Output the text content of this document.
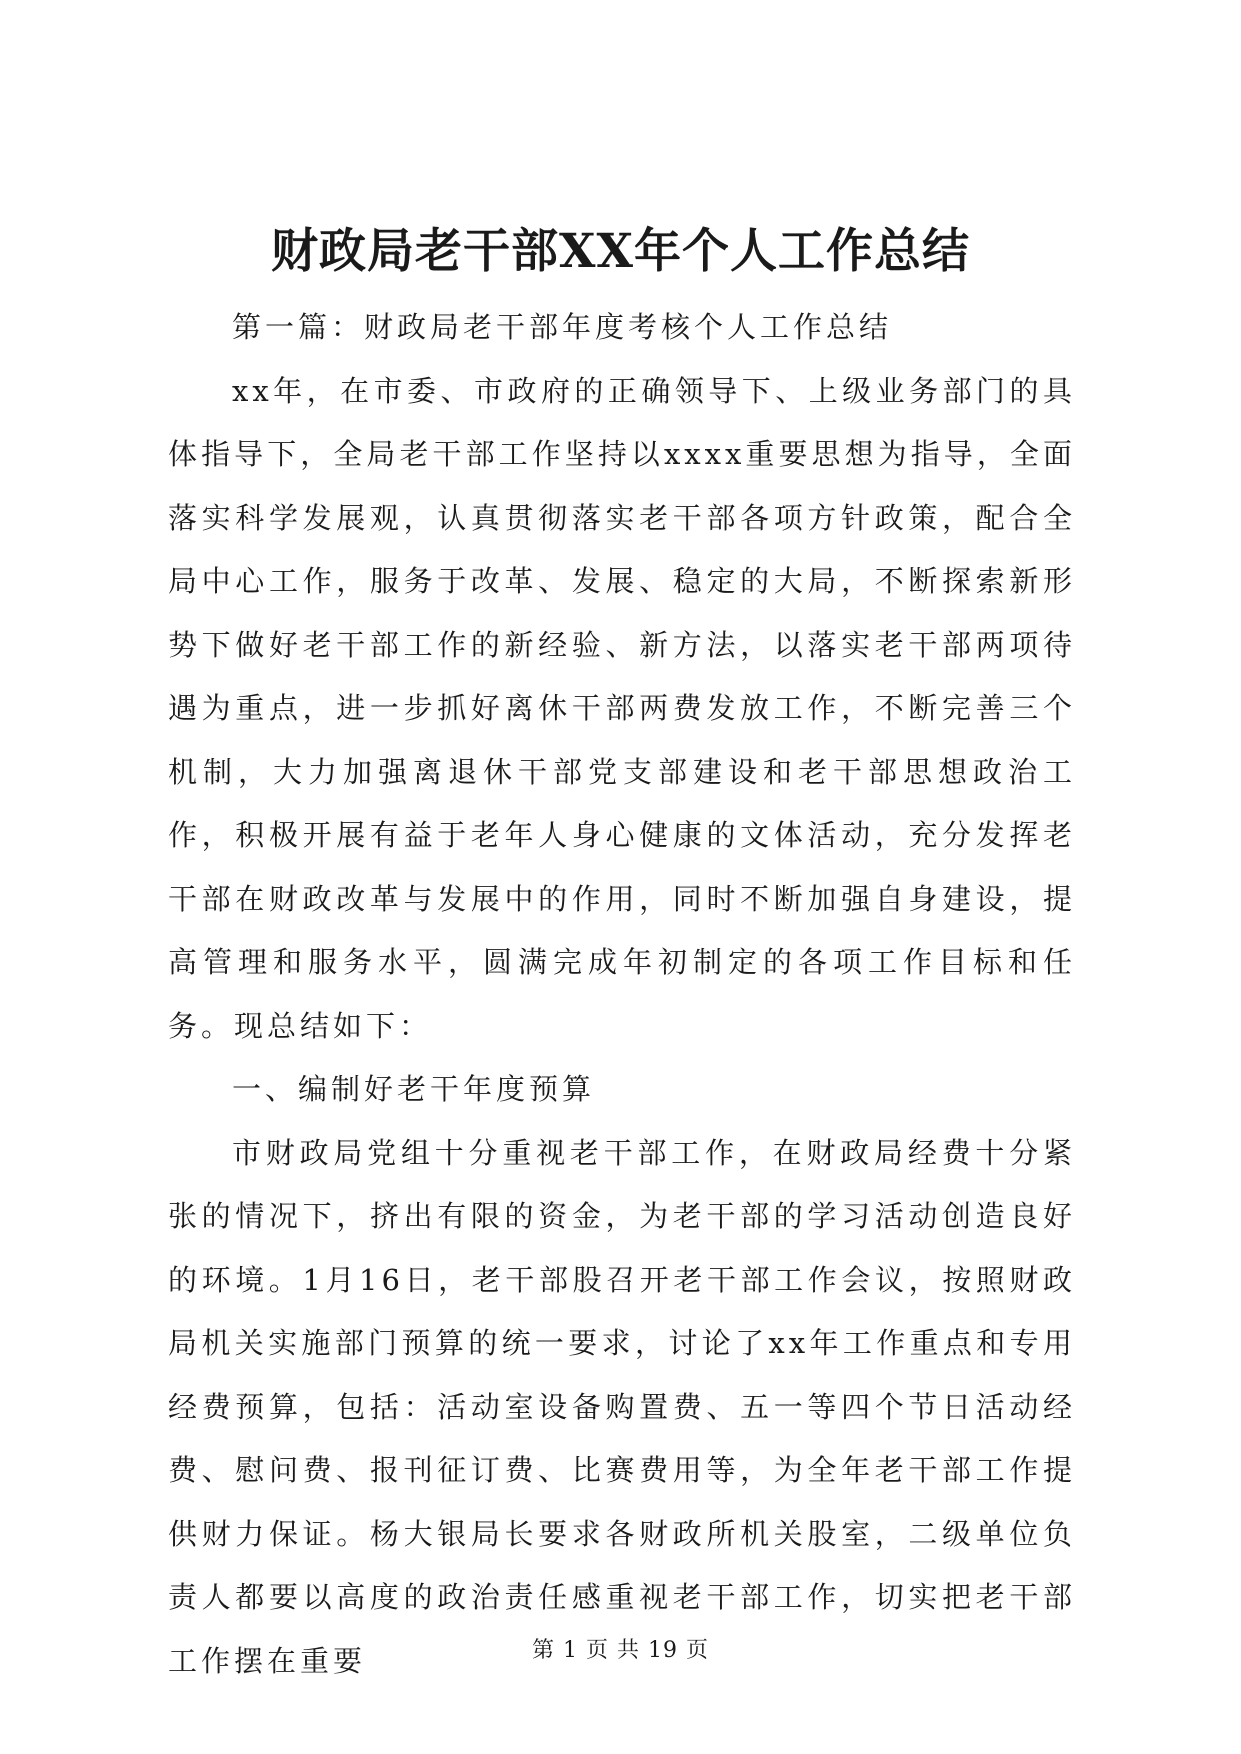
财政局老干部XX年个人工作总结

第一篇：财政局老干部年度考核个人工作总结

xx年，在市委、市政府的正确领导下、上级业务部门的具体指导下，全局老干部工作坚持以xxxx重要思想为指导，全面落实科学发展观，认真贯彻落实老干部各项方针政策，配合全局中心工作，服务于改革、发展、稳定的大局，不断探索新形势下做好老干部工作的新经验、新方法，以落实老干部两项待遇为重点，进一步抓好离休干部两费发放工作，不断完善三个机制，大力加强离退休干部党支部建设和老干部思想政治工作，积极开展有益于老年人身心健康的文体活动，充分发挥老干部在财政改革与发展中的作用，同时不断加强自身建设，提高管理和服务水平，圆满完成年初制定的各项工作目标和任务。现总结如下：

一、编制好老干年度预算

市财政局党组十分重视老干部工作，在财政局经费十分紧张的情况下，挤出有限的资金，为老干部的学习活动创造良好的环境。1月16日，老干部股召开老干部工作会议，按照财政局机关实施部门预算的统一要求，讨论了xx年工作重点和专用经费预算，包括：活动室设备购置费、五一等四个节日活动经费、慰问费、报刊征订费、比赛费用等，为全年老干部工作提供财力保证。杨大银局长要求各财政所机关股室，二级单位负责人都要以高度的政治责任感重视老干部工作，切实把老干部工作摆在重要	第 1 页 共 19 页
